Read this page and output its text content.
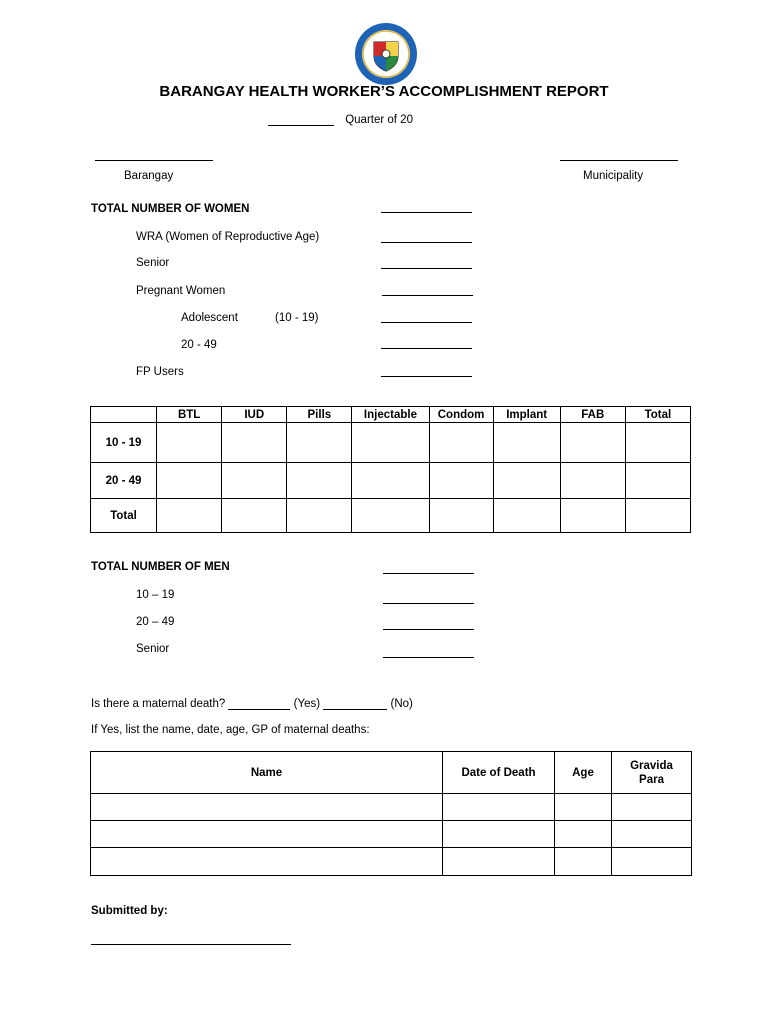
BARANGAY HEALTH WORKER’S ACCOMPLISHMENT REPORT
Quarter of 20
Barangay	Municipality
TOTAL NUMBER OF WOMEN
WRA (Women of Reproductive Age)
Senior
Pregnant Women
Adolescent	(10 - 19)
20 - 49
FP Users
	BTL	IUD	Pills	Injectable	Condom	Implant	FAB	Total
10 - 19								
20 - 49								
Total								
TOTAL NUMBER OF MEN
10 – 19
20 – 49
Senior
Is there a maternal death?	(Yes)	(No)
If Yes, list the name, date, age, GP of maternal deaths:
Name	Date of Death	Age	Gravida
Para

Submitted by:
